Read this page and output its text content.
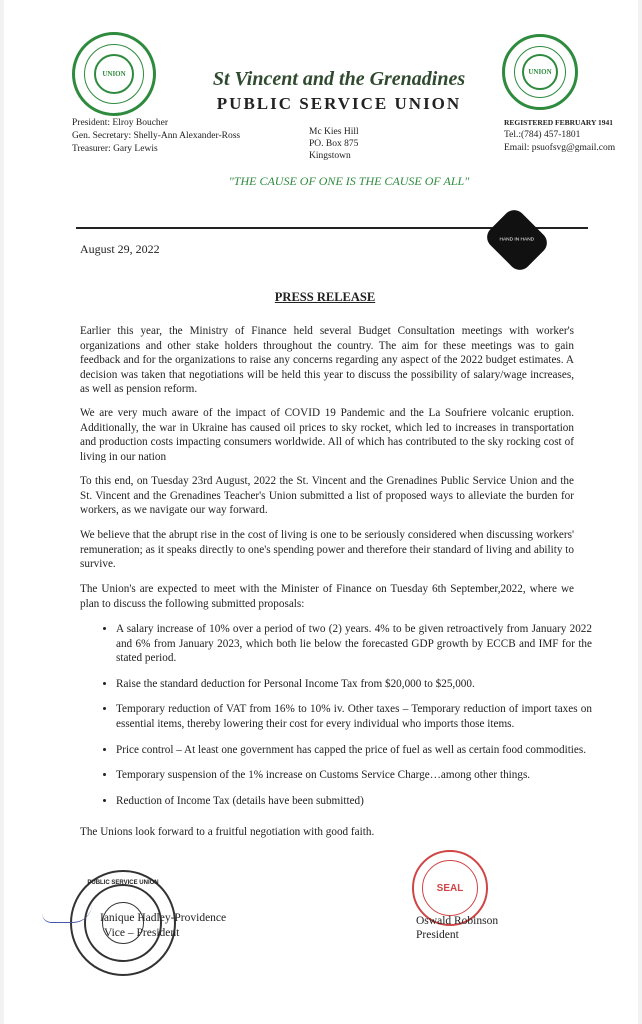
UNION	UNION
St Vincent and the Grenadines
PUBLIC SERVICE UNION
President: Elroy Boucher
Gen. Secretary: Shelly-Ann Alexander-Ross
Treasurer: Gary Lewis
Mc Kies Hill
PO. Box 875
Kingstown
REGISTERED FEBRUARY 1941
Tel.:(784) 457-1801
Email: psuofsvg@gmail.com
"THE CAUSE OF ONE IS THE CAUSE OF ALL"
HAND IN HAND
August 29, 2022
PRESS RELEASE
Earlier this year, the Ministry of Finance held several Budget Consultation meetings with worker's organizations and other stake holders throughout the country. The aim for these meetings was to gain feedback and for the organizations to raise any concerns regarding any aspect of the 2022 budget estimates. A decision was taken that negotiations will be held this year to discuss the possibility of salary/wage increases, as well as pension reform.
We are very much aware of the impact of COVID 19 Pandemic and the La Soufriere volcanic eruption. Additionally, the war in Ukraine has caused oil prices to sky rocket, which led to increases in transportation and production costs impacting consumers worldwide. All of which has contributed to the sky rocking cost of living in our nation
To this end, on Tuesday 23rd August, 2022 the St. Vincent and the Grenadines Public Service Union and the St. Vincent and the Grenadines Teacher's Union submitted a list of proposed ways to alleviate the burden for workers, as we navigate our way forward.
We believe that the abrupt rise in the cost of living is one to be seriously considered when discussing workers' remuneration; as it speaks directly to one's spending power and therefore their standard of living and ability to survive.
The Union's are expected to meet with the Minister of Finance on Tuesday 6th September,2022, where we plan to discuss the following submitted proposals:
• A salary increase of 10% over a period of two (2) years. 4% to be given retroactively from January 2022 and 6% from January 2023, which both lie below the forecasted GDP growth by ECCB and IMF for the stated period.
• Raise the standard deduction for Personal Income Tax from $20,000 to $25,000.
• Temporary reduction of VAT from 16% to 10% iv. Other taxes – Temporary reduction of import taxes on essential items, thereby lowering their cost for every individual who imports those items.
• Price control – At least one government has capped the price of fuel as well as certain food commodities.
• Temporary suspension of the 1% increase on Customs Service Charge…among other things.
• Reduction of Income Tax (details have been submitted)
The Unions look forward to a fruitful negotiation with good faith.
PUBLIC SERVICE UNION
Ianique Hadley-Providence
Vice – President
SEAL
Oswald Robinson
President
